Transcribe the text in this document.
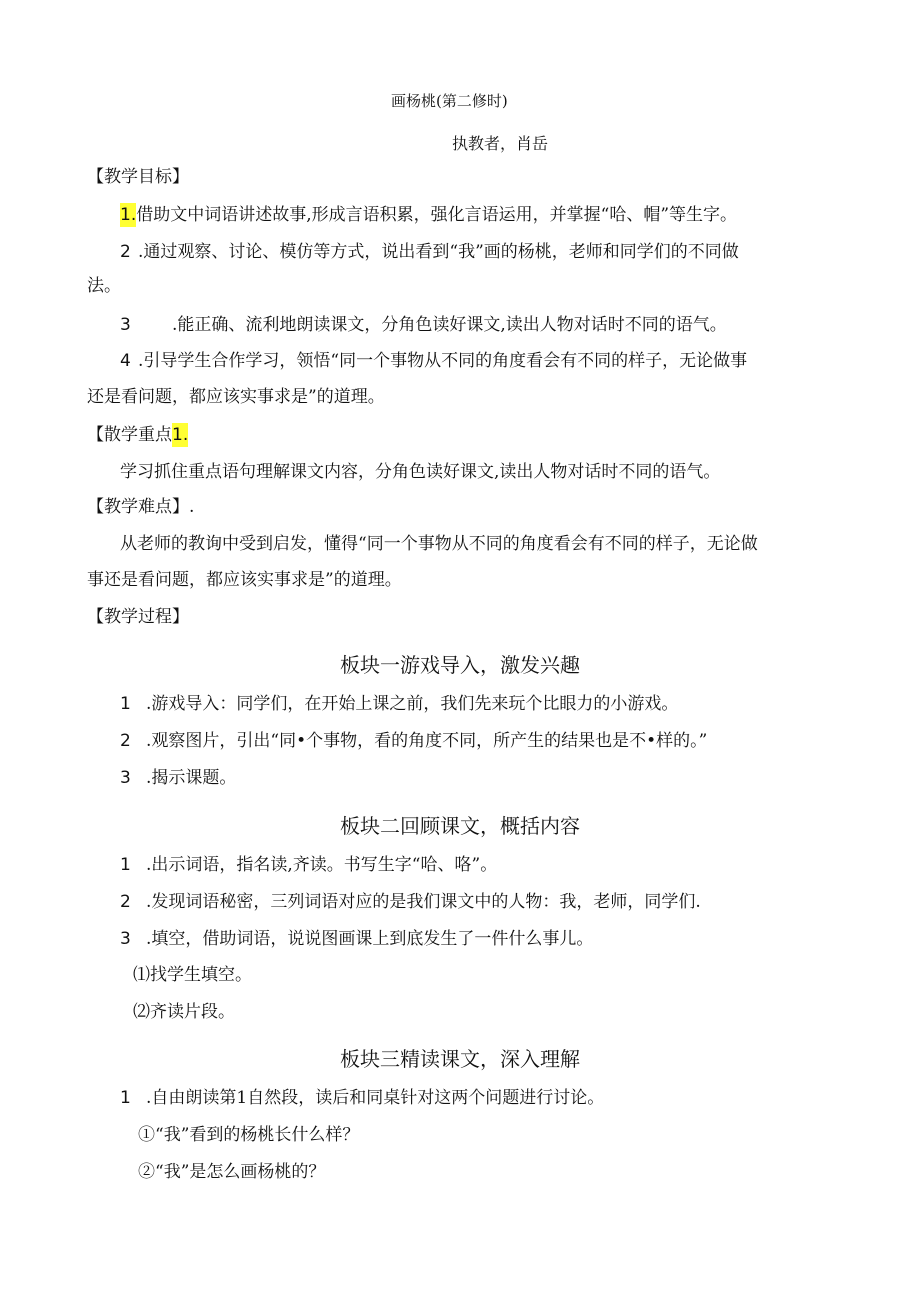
画杨桃(第二修时)
执教者，肖岳
【教学目标】
1.借助文中词语讲述故事,形成言语积累，强化言语运用，并掌握“哈、帽”等生字。
2 .通过观察、讨论、模仿等方式，说出看到“我”画的杨桃，老师和同学们的不同做
法。
3 .能正确、流利地朗读课文，分角色读好课文,读出人物对话时不同的语气。
4 .引导学生合作学习，领悟“同一个事物从不同的角度看会有不同的样子，无论做事
还是看问题，都应该实事求是”的道理。
【散学重点1.
学习抓住重点语句理解课文内容，分角色读好课文,读出人物对话时不同的语气。
【教学难点】.
从老师的教询中受到启发，懂得“同一个事物从不同的角度看会有不同的样子，无论做
事还是看问题，都应该实事求是”的道理。
【教学过程】
板块一游戏导入，激发兴趣
1 .游戏导入：同学们，在开始上课之前，我们先来玩个比眼力的小游戏。
2 .观察图片，引出“同•个事物，看的角度不同，所产生的结果也是不•样的。”
3 .揭示课题。
板块二回顾课文，概括内容
1 .出示词语，指名读,齐读。书写生字“哈、咯”。
2 .发现词语秘密，三列词语对应的是我们课文中的人物：我，老师，同学们.
3 .填空，借助词语，说说图画课上到底发生了一件什么事儿。
⑴找学生填空。
⑵齐读片段。
板块三精读课文，深入理解
1 .自由朗读第1自然段，读后和同桌针对这两个问题进行讨论。
①“我”看到的杨桃长什么样？
②“我”是怎么画杨桃的？
